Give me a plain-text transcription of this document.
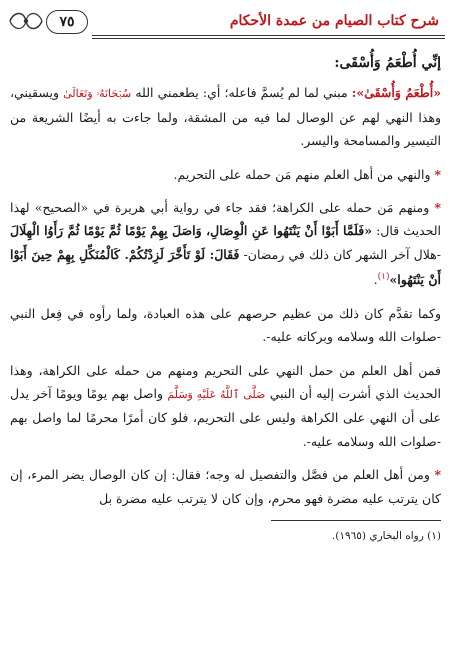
٧٥	شرح كتاب الصيام من عمدة الأحكام

إنِّي أُطْعَمُ وَأُسْقَى:

«أُطْعَمُ وَأُسْقَىٰ»: مبني لما لم يُسمَّ فاعله؛ أي: يطعمني الله سُبۡحَانَهُۥ وَتَعَالَىٰ ويسقيني، وهذا النهي لهم عن الوصال لما فيه من المشقة، ولما جاءت به أيضًا الشريعة من التيسير والمسامحة واليسر.

* والنهي من أهل العلم منهم مَن حمله على التحريم.

* ومنهم مَن حمله على الكراهة؛ فقد جاء في رواية أبي هريرة في «الصحيح» لهذا الحديث قال: «فَلَمَّا أَبَوْا أَنْ يَنْتَهُوا عَنِ الْوِصَالِ، وَاصَلَ بِهِمْ يَوْمًا ثُمَّ يَوْمًا ثُمَّ رَأَوُا الْهِلَالَ -هلال آخر الشهر كان ذلك في رمضان- فَقَالَ: لَوْ تَأَخَّرَ لَزِدْتُكُمْ. كَالْمُنَكِّلِ بِهِمْ حِينَ أَبَوْا أَنْ يَنْتَهُوا»$^{(١)}$.

وكما تقدَّم كان ذلك من عظيم حرصهم على هذه العبادة، ولما رأوه في فِعل النبي -صلوات الله وسلامه وبركاته عليه-.

فمن أهل العلم من حمل النهي على التحريم ومنهم من حمله على الكراهة، وهذا الحديث الذي أشرت إليه أن النبي صَلَّى ٱللَّهُ عَلَيْهِ وَسَلَّمَ واصل بهم يومًا ويومًا آخر يدل على أن النهي على الكراهة وليس على التحريم، فلو كان أمرًا محرمًا لما واصل بهم -صلوات الله وسلامه عليه-.

* ومن أهل العلم من فصَّل والتفصيل له وجه؛ فقال: إن كان الوصال يضر المرء، إن كان يترتب عليه مضرة فهو محرم، وإن كان لا يترتب عليه مضرة بل

(١) رواه البخاري (١٩٦٥).
